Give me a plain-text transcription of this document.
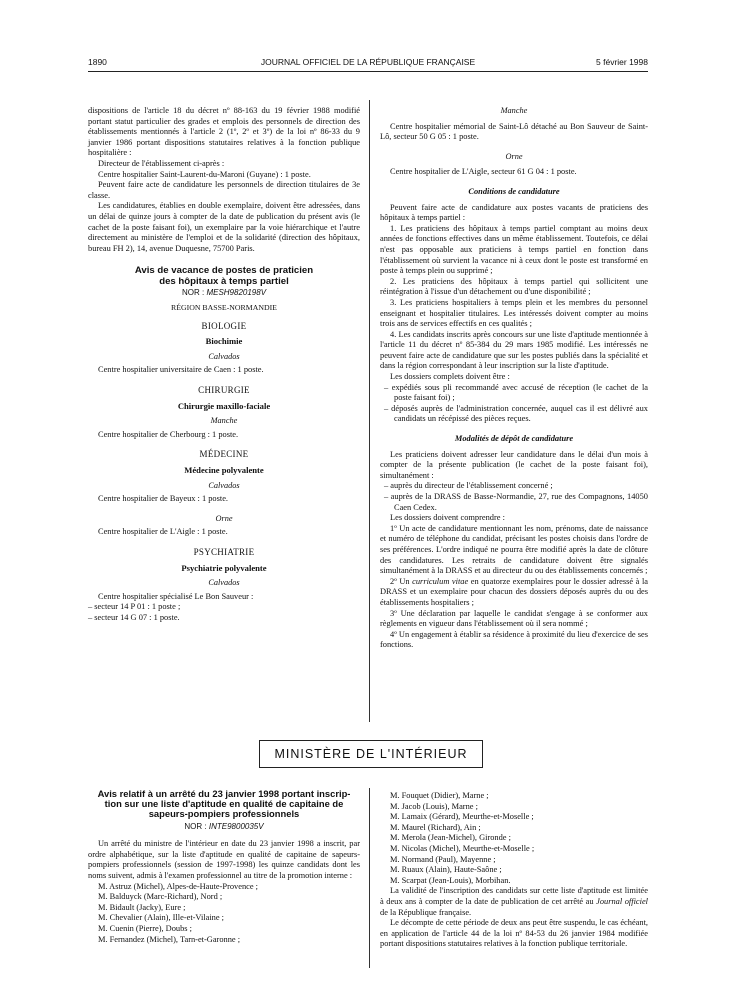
1890	JOURNAL OFFICIEL DE LA RÉPUBLIQUE FRANÇAISE	5 février 1998

dispositions de l'article 18 du décret nº 88-163 du 19 février 1988 modifié portant statut particulier des grades et emplois des personnels de direction des établissements mentionnés à l'article 2 (1º, 2º et 3º) de la loi nº 86-33 du 9 janvier 1986 portant dispositions statutaires relatives à la fonction publique hospitalière :

Directeur de l'établissement ci-après :

Centre hospitalier Saint-Laurent-du-Maroni (Guyane) : 1 poste.

Peuvent faire acte de candidature les personnels de direction titulaires de 3e classe.

Les candidatures, établies en double exemplaire, doivent être adressées, dans un délai de quinze jours à compter de la date de publication du présent avis (le cachet de la poste faisant foi), un exemplaire par la voie hiérarchique et l'autre directement au ministère de l'emploi et de la solidarité (direction des hôpitaux, bureau FH 2), 14, avenue Duquesne, 75700 Paris.

Avis de vacance de postes de praticien
des hôpitaux à temps partiel
NOR : MESH9820198V

RÉGION BASSE-NORMANDIE

BIOLOGIE

Biochimie

Calvados

Centre hospitalier universitaire de Caen : 1 poste.

CHIRURGIE

Chirurgie maxillo-faciale

Manche

Centre hospitalier de Cherbourg : 1 poste.

MÉDECINE

Médecine polyvalente

Calvados

Centre hospitalier de Bayeux : 1 poste.

Orne

Centre hospitalier de L'Aigle : 1 poste.

PSYCHIATRIE

Psychiatrie polyvalente

Calvados

Centre hospitalier spécialisé Le Bon Sauveur :

– secteur 14 P 01 : 1 poste ;

– secteur 14 G 07 : 1 poste.

Manche

Centre hospitalier mémorial de Saint-Lô détaché au Bon Sauveur de Saint-Lô, secteur 50 G 05 : 1 poste.

Orne

Centre hospitalier de L'Aigle, secteur 61 G 04 : 1 poste.

Conditions de candidature

Peuvent faire acte de candidature aux postes vacants de praticiens des hôpitaux à temps partiel :

1. Les praticiens des hôpitaux à temps partiel comptant au moins deux années de fonctions effectives dans un même établissement. Toutefois, ce délai n'est pas opposable aux praticiens à temps partiel en fonction dans l'établissement où survient la vacance ni à ceux dont le poste est transformé en poste à temps plein ou supprimé ;

2. Les praticiens des hôpitaux à temps partiel qui sollicitent une réintégration à l'issue d'un détachement ou d'une disponibilité ;

3. Les praticiens hospitaliers à temps plein et les membres du personnel enseignant et hospitalier titulaires. Les intéressés doivent compter au moins trois ans de services effectifs en ces qualités ;

4. Les candidats inscrits après concours sur une liste d'aptitude mentionnée à l'article 11 du décret nº 85-384 du 29 mars 1985 modifié. Les intéressés ne peuvent faire acte de candidature que sur les postes publiés dans la spécialité et dans la région correspondant à leur inscription sur la liste d'aptitude.

Les dossiers complets doivent être :

– expédiés sous pli recommandé avec accusé de réception (le cachet de la poste faisant foi) ;

– déposés auprès de l'administration concernée, auquel cas il est délivré aux candidats un récépissé des pièces reçues.

Modalités de dépôt de candidature

Les praticiens doivent adresser leur candidature dans le délai d'un mois à compter de la présente publication (le cachet de la poste faisant foi), simultanément :

– auprès du directeur de l'établissement concerné ;

– auprès de la DRASS de Basse-Normandie, 27, rue des Compagnons, 14050 Caen Cedex.

Les dossiers doivent comprendre :

1º Un acte de candidature mentionnant les nom, prénoms, date de naissance et numéro de téléphone du candidat, précisant les postes choisis dans l'ordre de ses préférences. L'ordre indiqué ne pourra être modifié après la date de clôture des candidatures. Les retraits de candidature doivent être signalés simultanément à la DRASS et au directeur du ou des établissements concernés ;

2º Un curriculum vitae en quatorze exemplaires pour le dossier adressé à la DRASS et un exemplaire pour chacun des dossiers déposés auprès du ou des établissements hospitaliers ;

3º Une déclaration par laquelle le candidat s'engage à se conformer aux règlements en vigueur dans l'établissement où il sera nommé ;

4º Un engagement à établir sa résidence à proximité du lieu d'exercice de ses fonctions.

MINISTÈRE DE L'INTÉRIEUR
Avis relatif à un arrêté du 23 janvier 1998 portant inscrip-
tion sur une liste d'aptitude en qualité de capitaine de
sapeurs-pompiers professionnels
NOR : INTE9800035V

Un arrêté du ministre de l'intérieur en date du 23 janvier 1998 a inscrit, par ordre alphabétique, sur la liste d'aptitude en qualité de capitaine de sapeurs-pompiers professionnels (session de 1997-1998) les quinze candidats dont les noms suivent, admis à l'examen professionnel au titre de la promotion interne :

M. Astruz (Michel), Alpes-de-Haute-Provence ;

M. Balduyck (Marc-Richard), Nord ;

M. Bidault (Jacky), Eure ;

M. Chevalier (Alain), Ille-et-Vilaine ;

M. Cuenin (Pierre), Doubs ;

M. Fernandez (Michel), Tarn-et-Garonne ;

M. Fouquet (Didier), Marne ;

M. Jacob (Louis), Marne ;

M. Lamaix (Gérard), Meurthe-et-Moselle ;

M. Maurel (Richard), Ain ;

M. Merola (Jean-Michel), Gironde ;

M. Nicolas (Michel), Meurthe-et-Moselle ;

M. Normand (Paul), Mayenne ;

M. Ruaux (Alain), Haute-Saône ;

M. Scarpat (Jean-Louis), Morbihan.

La validité de l'inscription des candidats sur cette liste d'aptitude est limitée à deux ans à compter de la date de publication de cet arrêté au Journal officiel de la République française.

Le décompte de cette période de deux ans peut être suspendu, le cas échéant, en application de l'article 44 de la loi nº 84-53 du 26 janvier 1984 modifiée portant dispositions statutaires relatives à la fonction publique territoriale.
